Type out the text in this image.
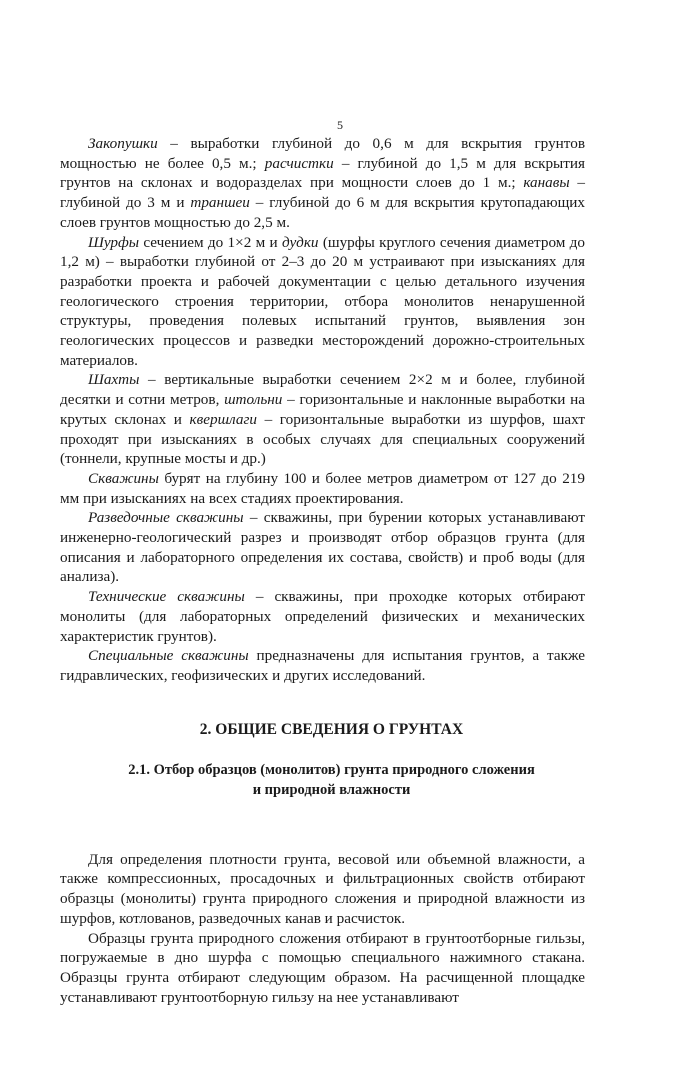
5

Закопушки – выработки глубиной до 0,6 м для вскрытия грунтов мощностью не более 0,5 м.; расчистки – глубиной до 1,5 м для вскрытия грунтов на склонах и водоразделах при мощности слоев до 1 м.; канавы – глубиной до 3 м и траншеи – глубиной до 6 м для вскрытия крутопадающих слоев грунтов мощностью до 2,5 м.

Шурфы сечением до 1×2 м и дудки (шурфы круглого сечения диаметром до 1,2 м) – выработки глубиной от 2–3 до 20 м устраивают при изысканиях для разработки проекта и рабочей документации с целью детального изучения геологического строения территории, отбора монолитов ненарушенной структуры, проведения полевых испытаний грунтов, выявления зон геологических процессов и разведки месторождений дорожно-строительных материалов.

Шахты – вертикальные выработки сечением 2×2 м и более, глубиной десятки и сотни метров, штольни – горизонтальные и наклонные выработки на крутых склонах и квершлаги – горизонтальные выработки из шурфов, шахт проходят при изысканиях в особых случаях для специальных сооружений (тоннели, крупные мосты и др.)

Скважины бурят на глубину 100 и более метров диаметром от 127 до 219 мм при изысканиях на всех стадиях проектирования.

Разведочные скважины – скважины, при бурении которых устанавливают инженерно-геологический разрез и производят отбор образцов грунта (для описания и лабораторного определения их состава, свойств) и проб воды (для анализа).

Технические скважины – скважины, при проходке которых отбирают монолиты (для лабораторных определений физических и механических характеристик грунтов).

Специальные скважины предназначены для испытания грунтов, а также гидравлических, геофизических и других исследований.

2. ОБЩИЕ СВЕДЕНИЯ О ГРУНТАХ
2.1. Отбор образцов (монолитов) грунта природного сложения
и природной влажности

Для определения плотности грунта, весовой или объемной влажности, а также компрессионных, просадочных и фильтрационных свойств отбирают образцы (монолиты) грунта природного сложения и природной влажности из шурфов, котлованов, разведочных канав и расчисток.

Образцы грунта природного сложения отбирают в грунтоотборные гильзы, погружаемые в дно шурфа с помощью специального нажимного стакана. Образцы грунта отбирают следующим образом. На расчищенной площадке устанавливают грунтоотборную гильзу на нее устанавливают
